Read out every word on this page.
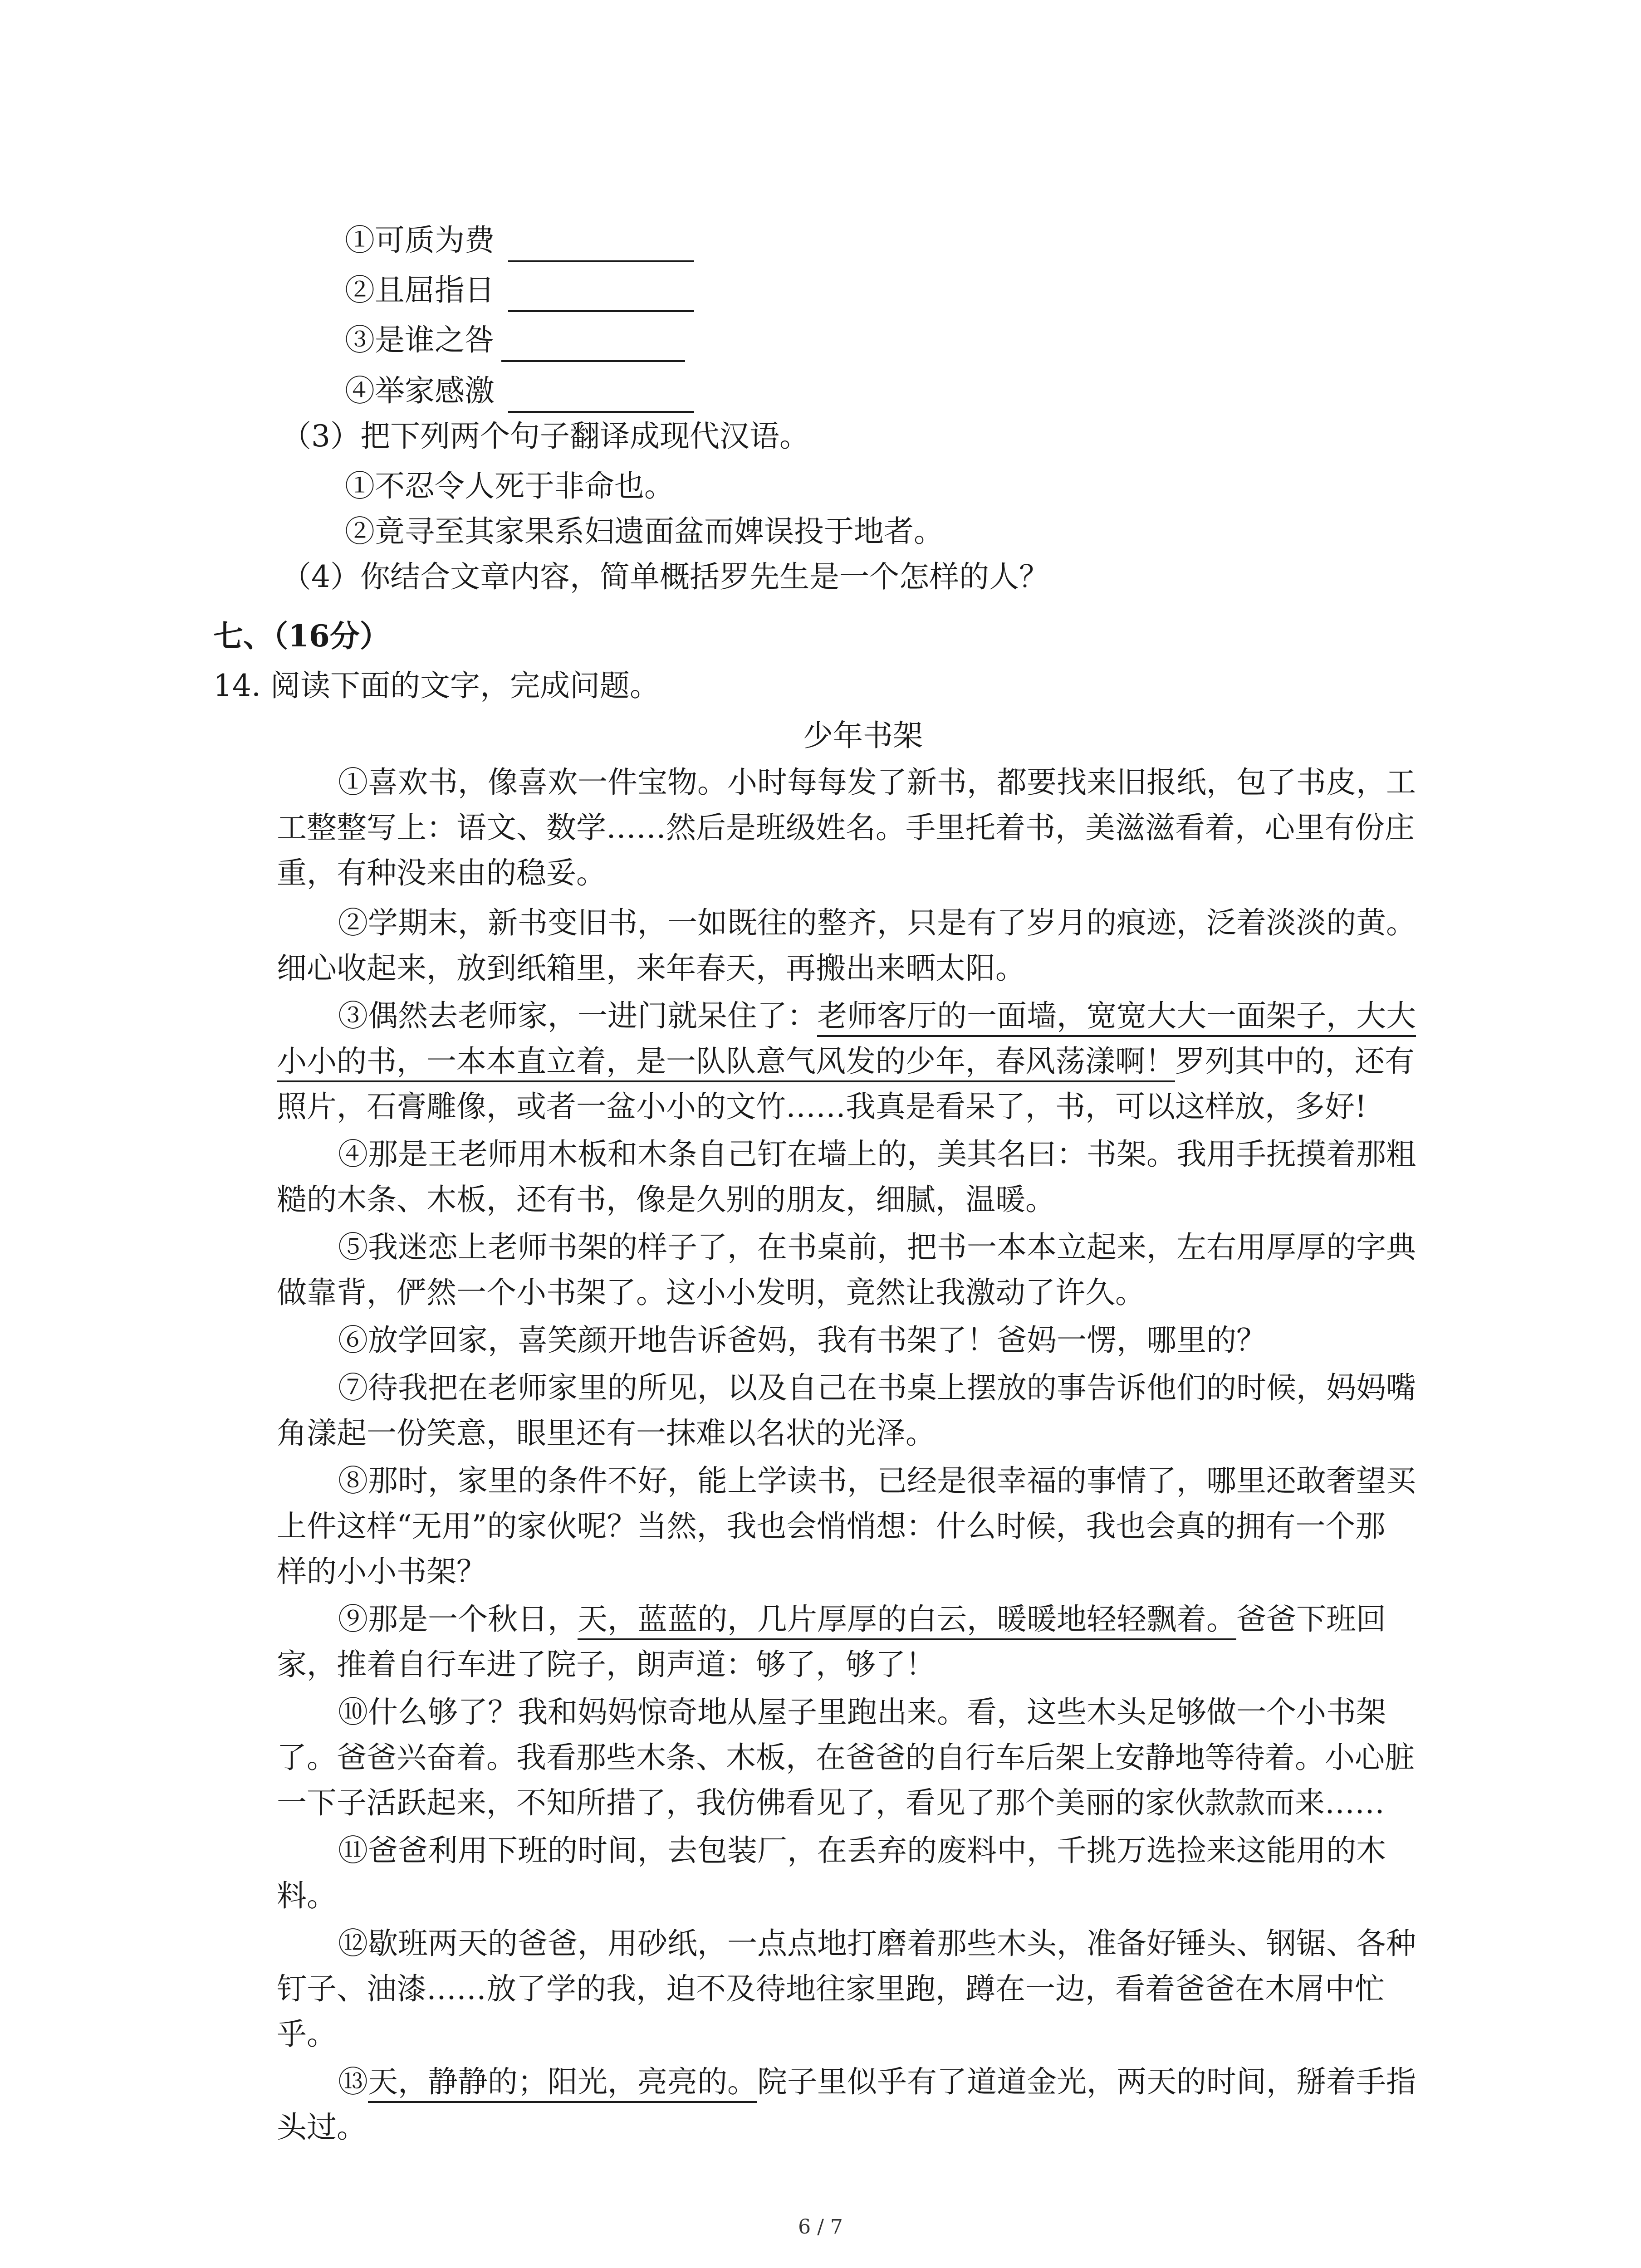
①可质为费
②且屈指日
③是谁之咎
④举家感激
（3）把下列两个句子翻译成现代汉语。
①不忍令人死于非命也。
②竟寻至其家果系妇遗面盆而婢误投于地者。
（4）你结合文章内容，简单概括罗先生是一个怎样的人？
七、（16分）
14. 阅读下面的文字，完成问题。
少年书架
①喜欢书，像喜欢一件宝物。小时每每发了新书，都要找来旧报纸，包了书皮，工
工整整写上：语文、数学……然后是班级姓名。手里托着书，美滋滋看着，心里有份庄
重，有种没来由的稳妥。
②学期末，新书变旧书，一如既往的整齐，只是有了岁月的痕迹，泛着淡淡的黄。
细心收起来，放到纸箱里，来年春天，再搬出来晒太阳。
③偶然去老师家，一进门就呆住了：老师客厅的一面墙，宽宽大大一面架子，大大
小小的书，一本本直立着，是一队队意气风发的少年，春风荡漾啊！罗列其中的，还有
照片，石膏雕像，或者一盆小小的文竹……我真是看呆了，书，可以这样放，多好!
④那是王老师用木板和木条自己钉在墙上的，美其名曰：书架。我用手抚摸着那粗
糙的木条、木板，还有书，像是久别的朋友，细腻，温暖。
⑤我迷恋上老师书架的样子了，在书桌前，把书一本本立起来，左右用厚厚的字典
做靠背，俨然一个小书架了。这小小发明，竟然让我激动了许久。
⑥放学回家，喜笑颜开地告诉爸妈，我有书架了！爸妈一愣，哪里的？
⑦待我把在老师家里的所见，以及自己在书桌上摆放的事告诉他们的时候，妈妈嘴
角漾起一份笑意，眼里还有一抹难以名状的光泽。
⑧那时，家里的条件不好，能上学读书，已经是很幸福的事情了，哪里还敢奢望买
上件这样“无用”的家伙呢？当然，我也会悄悄想：什么时候，我也会真的拥有一个那
样的小小书架？
⑨那是一个秋日，天，蓝蓝的，几片厚厚的白云，暖暖地轻轻飘着。爸爸下班回
家，推着自行车进了院子，朗声道：够了，够了！
⑩什么够了？我和妈妈惊奇地从屋子里跑出来。看，这些木头足够做一个小书架
了。爸爸兴奋着。我看那些木条、木板，在爸爸的自行车后架上安静地等待着。小心脏
一下子活跃起来，不知所措了，我仿佛看见了，看见了那个美丽的家伙款款而来……
⑪爸爸利用下班的时间，去包装厂，在丢弃的废料中，千挑万选捡来这能用的木
料。
⑫歇班两天的爸爸，用砂纸，一点点地打磨着那些木头，准备好锤头、钢锯、各种
钉子、油漆……放了学的我，迫不及待地往家里跑，蹲在一边，看着爸爸在木屑中忙
乎。
⑬天，静静的；阳光，亮亮的。院子里似乎有了道道金光，两天的时间，掰着手指
头过。
6 / 7
